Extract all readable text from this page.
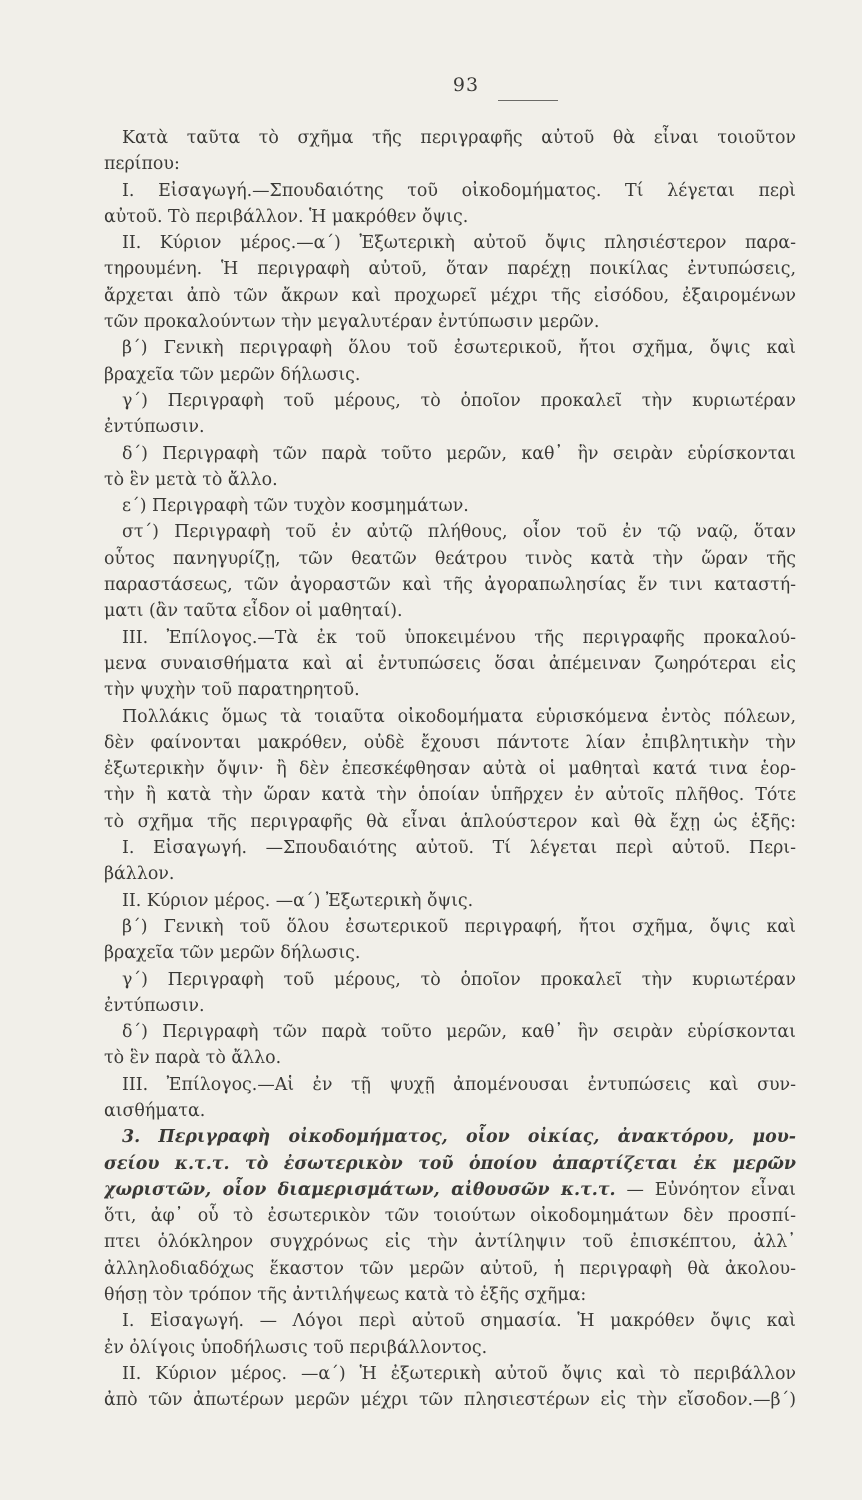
93
Κατὰ ταῦτα τὸ σχῆμα τῆς περιγραφῆς αὐτοῦ θὰ εἶναι τοιοῦτον
περίπου:
I. Εἰσαγωγή.—Σπουδαιότης τοῦ οἰκοδομήματος. Τί λέγεται περὶ
αὐτοῦ. Τὸ περιβάλλον. Ἡ μακρόθεν ὄψις.
II. Κύριον μέρος.—α΄) Ἐξωτερικὴ αὐτοῦ ὄψις πλησιέστερον παρα-
τηρουμένη. Ἡ περιγραφὴ αὐτοῦ, ὅταν παρέχῃ ποικίλας ἐντυπώσεις,
ἄρχεται ἀπὸ τῶν ἄκρων καὶ προχωρεῖ μέχρι τῆς εἰσόδου, ἐξαιρομένων
τῶν προκαλούντων τὴν μεγαλυτέραν ἐντύπωσιν μερῶν.
β΄) Γενικὴ περιγραφὴ ὅλου τοῦ ἐσωτερικοῦ, ἤτοι σχῆμα, ὄψις καὶ
βραχεῖα τῶν μερῶν δήλωσις.
γ΄) Περιγραφὴ τοῦ μέρους, τὸ ὁποῖον προκαλεῖ τὴν κυριωτέραν
ἐντύπωσιν.
δ΄) Περιγραφὴ τῶν παρὰ τοῦτο μερῶν, καθ᾽ ἣν σειρὰν εὑρίσκονται
τὸ ἓν μετὰ τὸ ἄλλο.
ε΄) Περιγραφὴ τῶν τυχὸν κοσμημάτων.
στ΄) Περιγραφὴ τοῦ ἐν αὐτῷ πλήθους, οἷον τοῦ ἐν τῷ ναῷ, ὅταν
οὗτος πανηγυρίζῃ, τῶν θεατῶν θεάτρου τινὸς κατὰ τὴν ὥραν τῆς
παραστάσεως, τῶν ἀγοραστῶν καὶ τῆς ἀγοραπωλησίας ἔν τινι καταστή-
ματι (ἂν ταῦτα εἶδον οἱ μαθηταί).
III. Ἐπίλογος.—Τὰ ἐκ τοῦ ὑποκειμένου τῆς περιγραφῆς προκαλού-
μενα συναισθήματα καὶ αἱ ἐντυπώσεις ὅσαι ἀπέμειναν ζωηρότεραι εἰς
τὴν ψυχὴν τοῦ παρατηρητοῦ.
Πολλάκις ὅμως τὰ τοιαῦτα οἰκοδομήματα εὑρισκόμενα ἐντὸς πόλεων,
δὲν φαίνονται μακρόθεν, οὐδὲ ἔχουσι πάντοτε λίαν ἐπιβλητικὴν τὴν
ἐξωτερικὴν ὄψιν· ἢ δὲν ἐπεσκέφθησαν αὐτὰ οἱ μαθηταὶ κατά τινα ἑορ-
τὴν ἢ κατὰ τὴν ὥραν κατὰ τὴν ὁποίαν ὑπῆρχεν ἐν αὐτοῖς πλῆθος. Τότε
τὸ σχῆμα τῆς περιγραφῆς θὰ εἶναι ἁπλούστερον καὶ θὰ ἔχῃ ὡς ἑξῆς:
I. Εἰσαγωγή. —Σπουδαιότης αὐτοῦ. Τί λέγεται περὶ αὐτοῦ. Περι-
βάλλον.
II. Κύριον μέρος. —α΄) Ἐξωτερικὴ ὄψις.
β΄) Γενικὴ τοῦ ὅλου ἐσωτερικοῦ περιγραφή, ἤτοι σχῆμα, ὄψις καὶ
βραχεῖα τῶν μερῶν δήλωσις.
γ΄) Περιγραφὴ τοῦ μέρους, τὸ ὁποῖον προκαλεῖ τὴν κυριωτέραν
ἐντύπωσιν.
δ΄) Περιγραφὴ τῶν παρὰ τοῦτο μερῶν, καθ᾽ ἣν σειρὰν εὑρίσκονται
τὸ ἓν παρὰ τὸ ἄλλο.
III. Ἐπίλογος.—Αἱ ἐν τῇ ψυχῇ ἀπομένουσαι ἐντυπώσεις καὶ συν-
αισθήματα.
3. Περιγραφὴ οἰκοδομήματος, οἷον οἰκίας, ἀνακτόρου, μου-
σείου κ.τ.τ. τὸ ἐσωτερικὸν τοῦ ὁποίου ἀπαρτίζεται ἐκ μερῶν
χωριστῶν, οἷον διαμερισμάτων, αἰθουσῶν κ.τ.τ. — Εὐνόητον εἶναι
ὅτι, ἀφ᾽ οὗ τὸ ἐσωτερικὸν τῶν τοιούτων οἰκοδομημάτων δὲν προσπί-
πτει ὁλόκληρον συγχρόνως εἰς τὴν ἀντίληψιν τοῦ ἐπισκέπτου, ἀλλ᾽
ἀλληλοδιαδόχως ἕκαστον τῶν μερῶν αὐτοῦ, ἡ περιγραφὴ θὰ ἀκολου-
θήσῃ τὸν τρόπον τῆς ἀντιλήψεως κατὰ τὸ ἑξῆς σχῆμα:
I. Εἰσαγωγή. — Λόγοι περὶ αὐτοῦ σημασία. Ἡ μακρόθεν ὄψις καὶ
ἐν ὀλίγοις ὑποδήλωσις τοῦ περιβάλλοντος.
II. Κύριον μέρος. —α΄) Ἡ ἐξωτερικὴ αὐτοῦ ὄψις καὶ τὸ περιβάλλον
ἀπὸ τῶν ἀπωτέρων μερῶν μέχρι τῶν πλησιεστέρων εἰς τὴν εἴσοδον.—β΄)
